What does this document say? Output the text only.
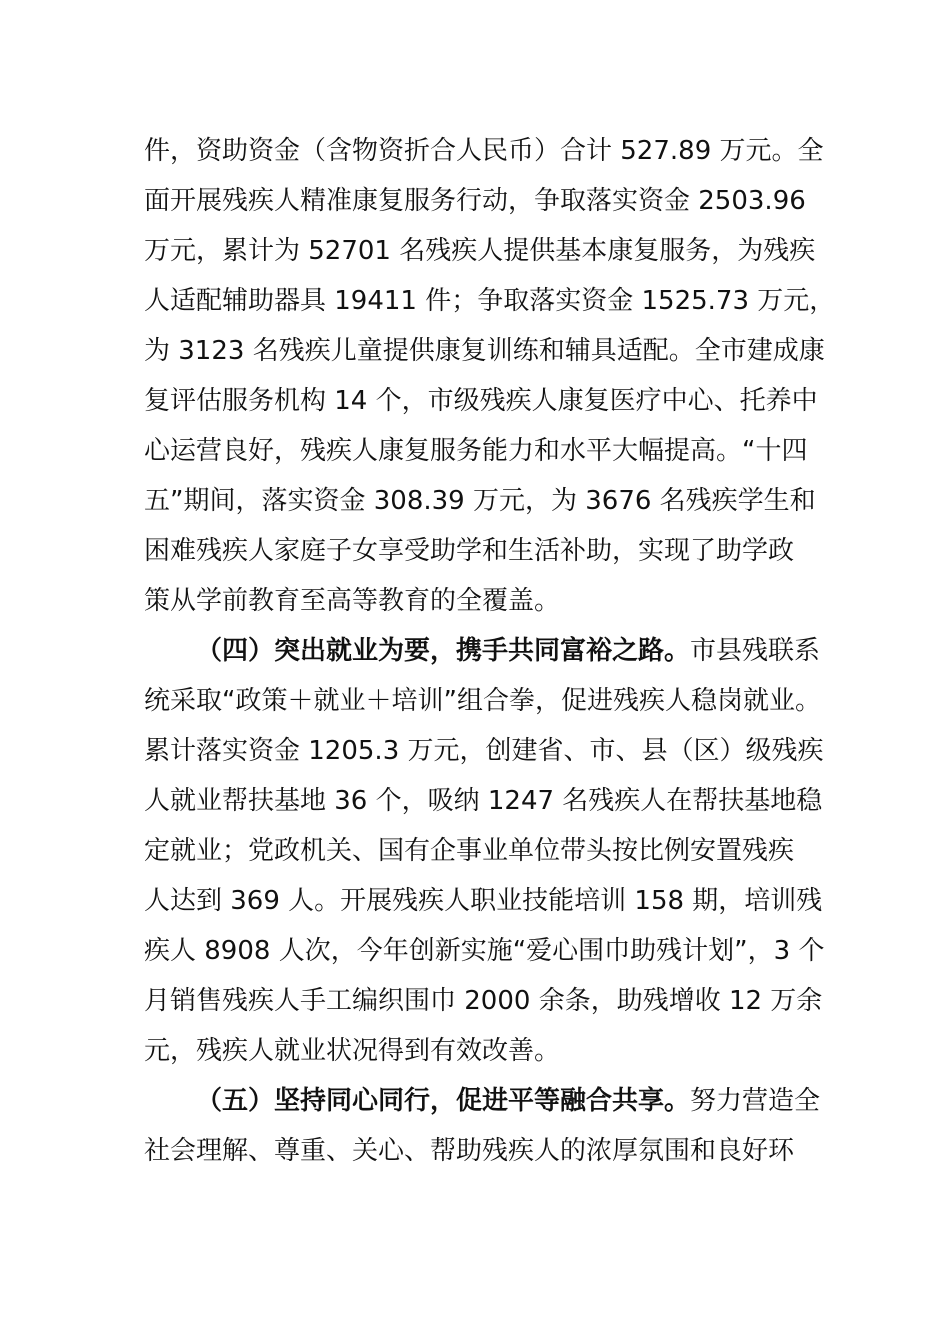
件，资助资金（含物资折合人民币）合计 527.89 万元。全
面开展残疾人精准康复服务行动，争取落实资金 2503.96
万元，累计为 52701 名残疾人提供基本康复服务，为残疾
人适配辅助器具 19411 件；争取落实资金 1525.73 万元，
为 3123 名残疾儿童提供康复训练和辅具适配。全市建成康
复评估服务机构 14 个，市级残疾人康复医疗中心、托养中
心运营良好，残疾人康复服务能力和水平大幅提高。“十四
五”期间，落实资金 308.39 万元，为 3676 名残疾学生和
困难残疾人家庭子女享受助学和生活补助，实现了助学政
策从学前教育至高等教育的全覆盖。
（四）突出就业为要，携手共同富裕之路。市县残联系
统采取“政策＋就业＋培训”组合拳，促进残疾人稳岗就业。
累计落实资金 1205.3 万元，创建省、市、县（区）级残疾
人就业帮扶基地 36 个，吸纳 1247 名残疾人在帮扶基地稳
定就业；党政机关、国有企事业单位带头按比例安置残疾
人达到 369 人。开展残疾人职业技能培训 158 期，培训残
疾人 8908 人次，今年创新实施“爱心围巾助残计划”，3 个
月销售残疾人手工编织围巾 2000 余条，助残增收 12 万余
元，残疾人就业状况得到有效改善。
（五）坚持同心同行，促进平等融合共享。努力营造全
社会理解、尊重、关心、帮助残疾人的浓厚氛围和良好环
